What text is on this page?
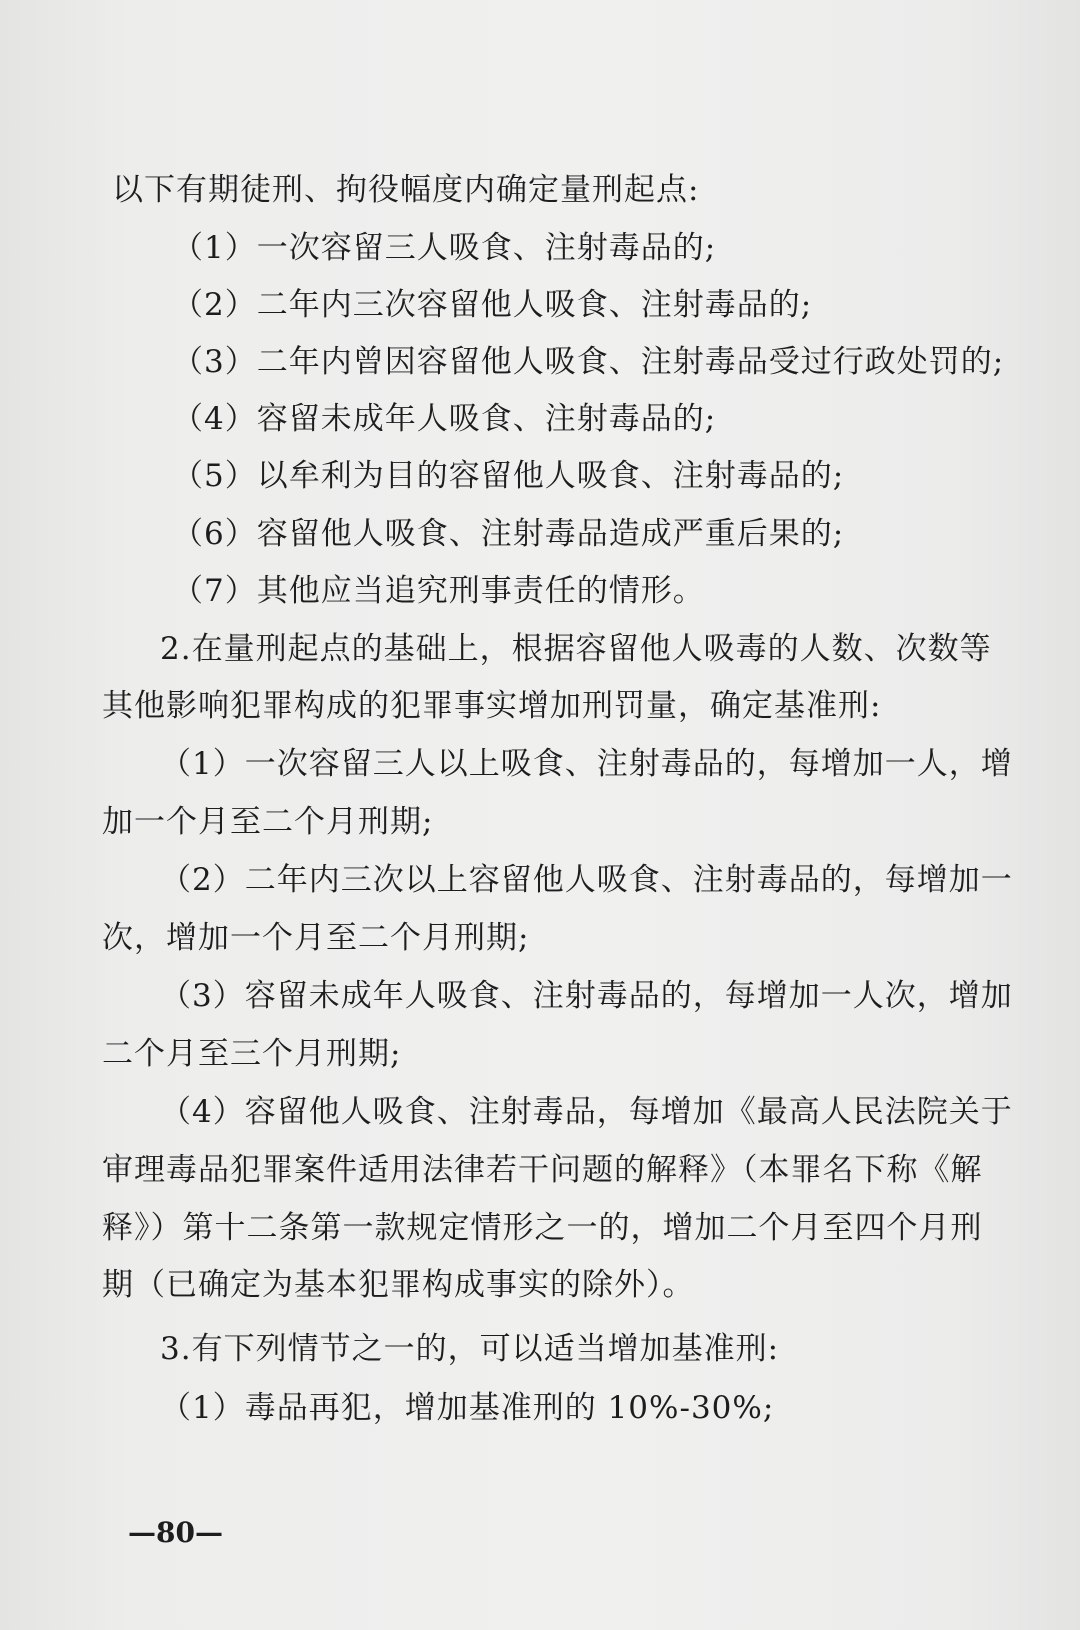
以下有期徒刑、拘役幅度内确定量刑起点:
（1）一次容留三人吸食、注射毒品的;
（2）二年内三次容留他人吸食、注射毒品的;
（3）二年内曾因容留他人吸食、注射毒品受过行政处罚的;
（4）容留未成年人吸食、注射毒品的;
（5）以牟利为目的容留他人吸食、注射毒品的;
（6）容留他人吸食、注射毒品造成严重后果的;
（7）其他应当追究刑事责任的情形。
2.在量刑起点的基础上，根据容留他人吸毒的人数、次数等
其他影响犯罪构成的犯罪事实增加刑罚量，确定基准刑:
（1）一次容留三人以上吸食、注射毒品的，每增加一人，增
加一个月至二个月刑期;
（2）二年内三次以上容留他人吸食、注射毒品的，每增加一
次，增加一个月至二个月刑期;
（3）容留未成年人吸食、注射毒品的，每增加一人次，增加
二个月至三个月刑期;
（4）容留他人吸食、注射毒品，每增加《最高人民法院关于
审理毒品犯罪案件适用法律若干问题的解释》（本罪名下称《解
释》）第十二条第一款规定情形之一的，增加二个月至四个月刑
期（已确定为基本犯罪构成事实的除外）。
3.有下列情节之一的，可以适当增加基准刑:
（1）毒品再犯，增加基准刑的 10%-30%;
—80—
